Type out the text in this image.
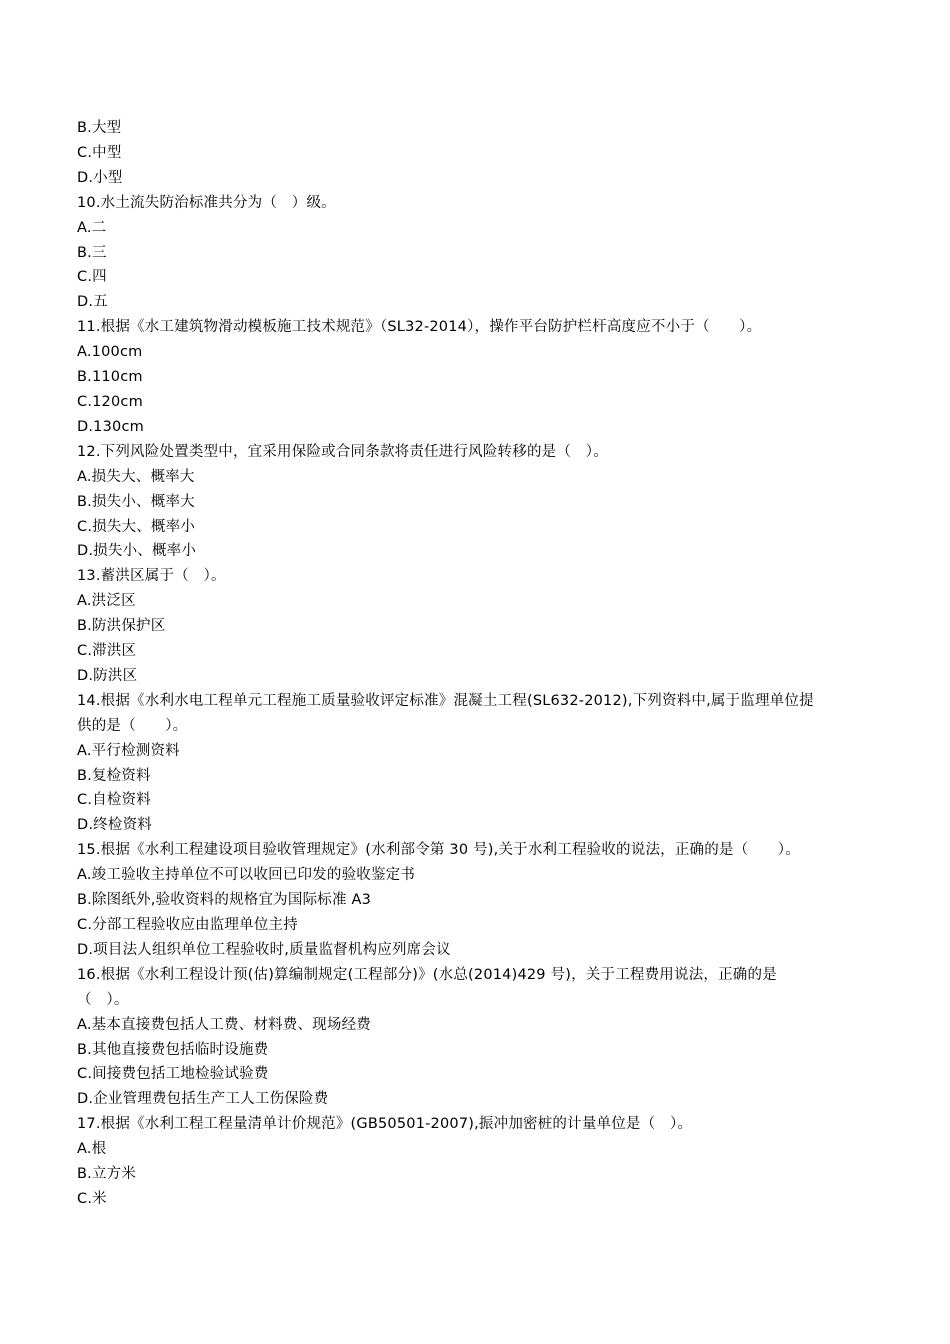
B.大型

C.中型

D.小型

10.水土流失防治标准共分为（　）级。

A.二

B.三

C.四

D.五

11.根据《水工建筑物滑动模板施工技术规范》（SL32-2014），操作平台防护栏杆高度应不小于（　　）。

A.100cm

B.110cm

C.120cm

D.130cm

12.下列风险处置类型中，宜采用保险或合同条款将责任进行风险转移的是（　）。

A.损失大、概率大

B.损失小、概率大

C.损失大、概率小

D.损失小、概率小

13.蓄洪区属于（　）。

A.洪泛区

B.防洪保护区

C.滞洪区

D.防洪区

14.根据《水利水电工程单元工程施工质量验收评定标准》混凝土工程(SL632-2012),下列资料中,属于监理单位提

供的是（　　）。

A.平行检测资料

B.复检资料

C.自检资料

D.终检资料

15.根据《水利工程建设项目验收管理规定》(水利部令第 30 号),关于水利工程验收的说法，正确的是（　　）。

A.竣工验收主持单位不可以收回已印发的验收鉴定书

B.除图纸外,验收资料的规格宜为国际标准 A3

C.分部工程验收应由监理单位主持

D.项目法人组织单位工程验收时,质量监督机构应列席会议

16.根据《水利工程设计预(估)算编制规定(工程部分)》(水总(2014)429 号)，关于工程费用说法，正确的是

（　）。

A.基本直接费包括人工费、材料费、现场经费

B.其他直接费包括临时设施费

C.间接费包括工地检验试验费

D.企业管理费包括生产工人工伤保险费

17.根据《水利工程工程量清单计价规范》(GB50501-2007),振冲加密桩的计量单位是（　）。

A.根

B.立方米

C.米
